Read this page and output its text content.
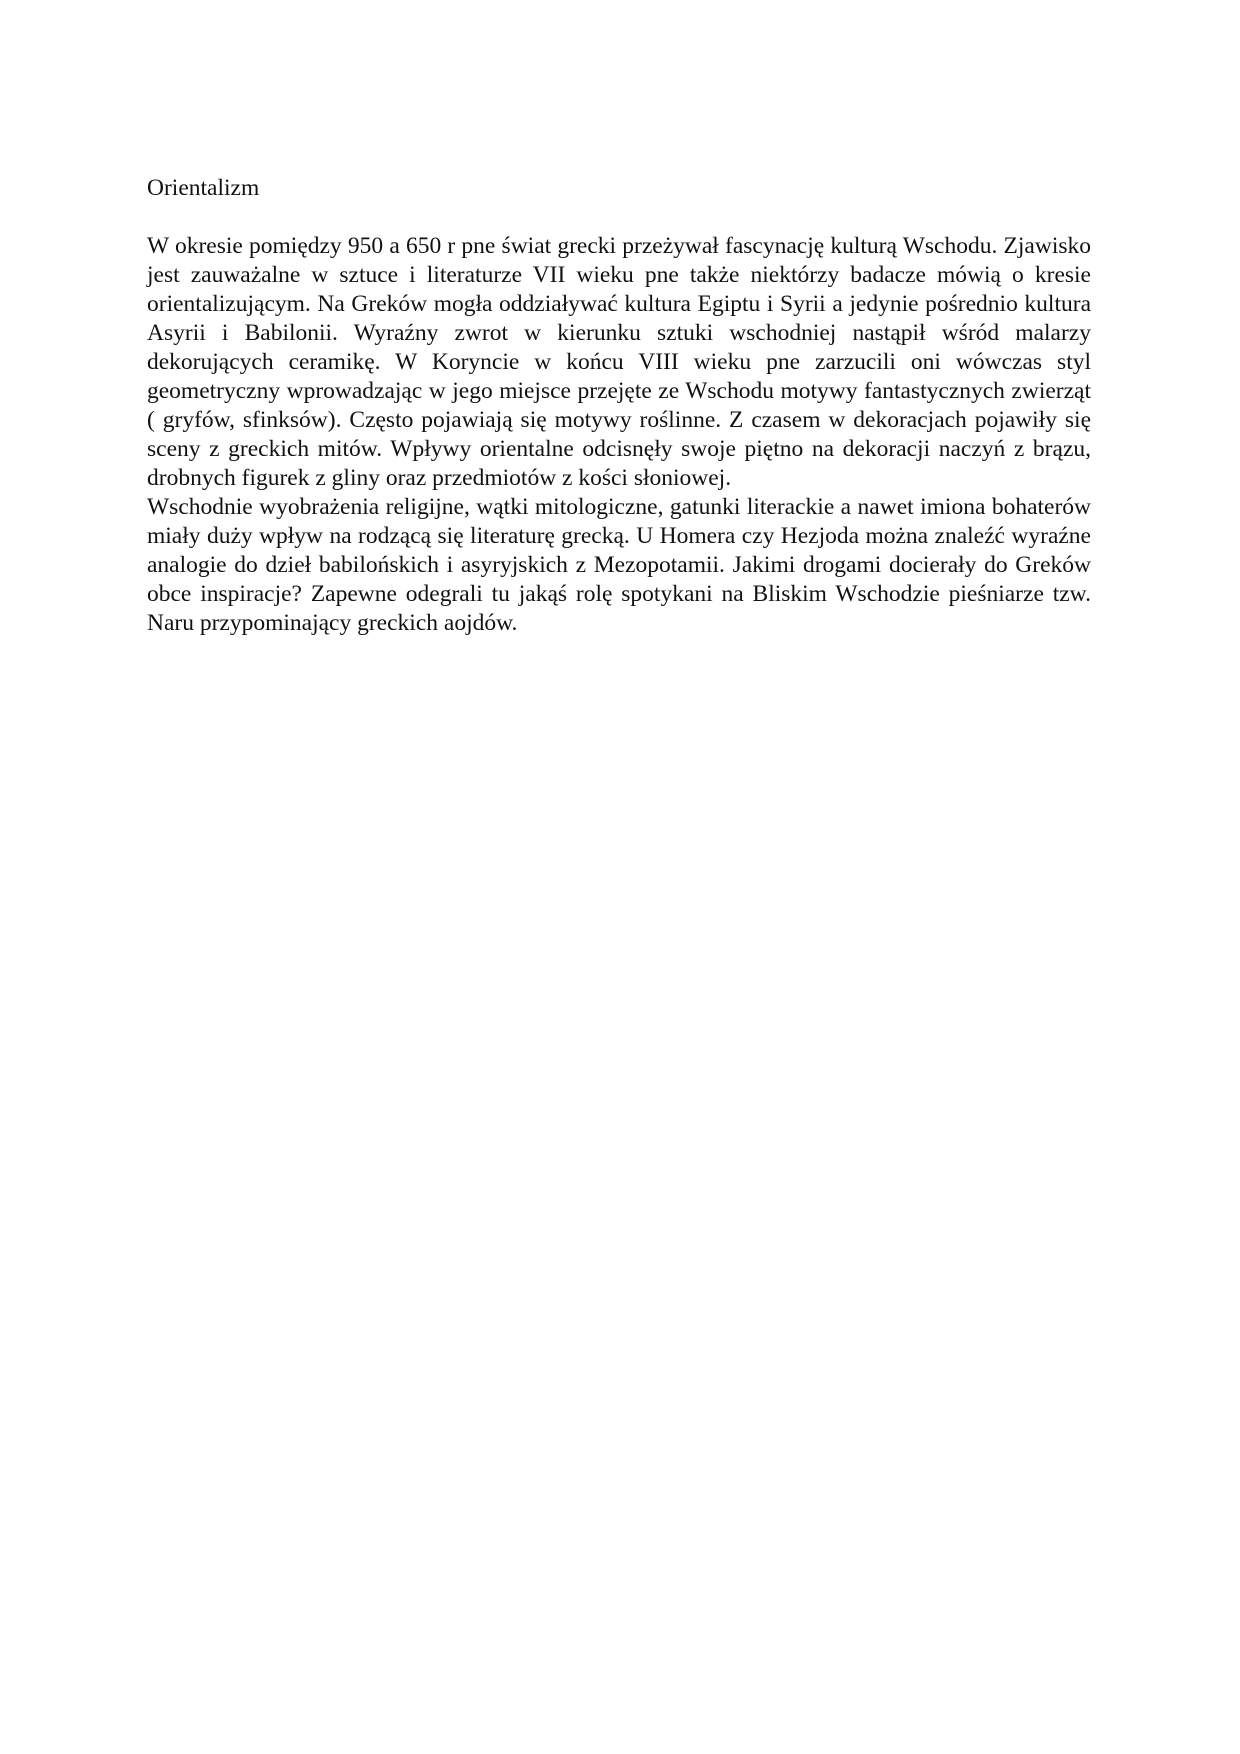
Orientalizm

W okresie pomiędzy 950 a 650 r pne świat grecki przeżywał fascynację kulturą Wschodu. Zjawisko jest zauważalne w sztuce i literaturze VII wieku pne także niektórzy badacze mówią o kresie orientalizującym. Na Greków mogła oddziaływać kultura Egiptu i Syrii a jedynie pośrednio kultura Asyrii i Babilonii. Wyraźny zwrot w kierunku sztuki wschodniej nastąpił wśród malarzy dekorujących ceramikę. W Koryncie w końcu VIII wieku pne zarzucili oni wówczas styl geometryczny wprowadzając w jego miejsce przejęte ze Wschodu motywy fantastycznych zwierząt ( gryfów, sfinksów). Często pojawiają się motywy roślinne. Z czasem w dekoracjach pojawiły się sceny z greckich mitów. Wpływy orientalne odcisnęły swoje piętno na dekoracji naczyń z brązu, drobnych figurek z gliny oraz przedmiotów z kości słoniowej.

Wschodnie wyobrażenia religijne, wątki mitologiczne, gatunki literackie a nawet imiona bohaterów miały duży wpływ na rodzącą się literaturę grecką. U Homera czy Hezjoda można znaleźć wyraźne analogie do dzieł babilońskich i asyryjskich z Mezopotamii. Jakimi drogami docierały do Greków obce inspiracje? Zapewne odegrali tu jakąś rolę spotykani na Bliskim Wschodzie pieśniarze tzw. Naru przypominający greckich aojdów.
